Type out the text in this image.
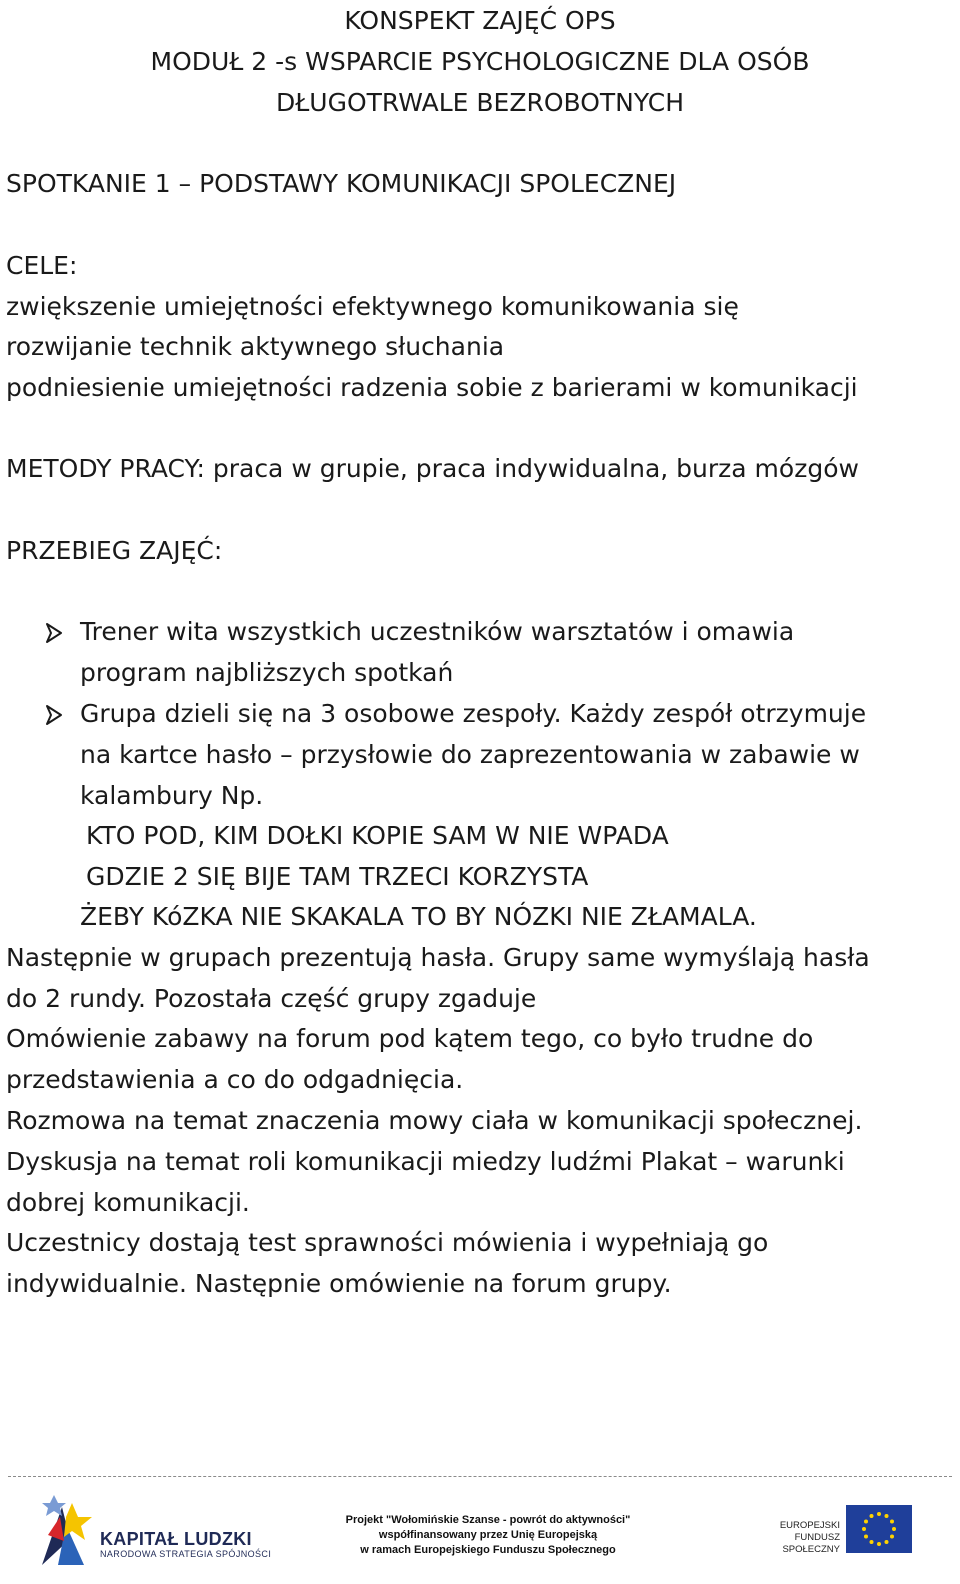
KONSPEKT ZAJĘĆ OPS
MODUŁ 2 -s WSPARCIE PSYCHOLOGICZNE DLA OSÓB
DŁUGOTRWALE BEZROBOTNYCH
SPOTKANIE 1 – PODSTAWY KOMUNIKACJI SPOLECZNEJ
CELE:
zwiększenie umiejętności efektywnego komunikowania się
rozwijanie technik aktywnego słuchania
podniesienie umiejętności radzenia sobie z barierami w komunikacji
METODY PRACY: praca w grupie, praca indywidualna, burza mózgów
PRZEBIEG ZAJĘĆ:
Trener wita wszystkich uczestników warsztatów i omawia
program najbliższych spotkań
Grupa dzieli się na 3 osobowe zespoły. Każdy zespół otrzymuje
na kartce hasło – przysłowie do zaprezentowania w zabawie w
kalambury Np.
KTO POD, KIM DOŁKI KOPIE SAM W NIE WPADA
GDZIE 2 SIĘ BIJE TAM TRZECI KORZYSTA
ŻEBY KóZKA NIE SKAKALA TO BY NÓZKI NIE ZŁAMALA.
Następnie w grupach prezentują hasła. Grupy same wymyślają hasła
do 2 rundy. Pozostała część grupy zgaduje
Omówienie zabawy na forum pod kątem tego, co było trudne do
przedstawienia a co do odgadnięcia.
Rozmowa na temat znaczenia mowy ciała w komunikacji społecznej.
Dyskusja na temat roli komunikacji miedzy ludźmi Plakat – warunki
dobrej komunikacji.
Uczestnicy dostają test sprawności mówienia i wypełniają go
indywidualnie. Następnie omówienie na forum grupy.
KAPITAŁ LUDZKI
NARODOWA STRATEGIA SPÓJNOŚCI
Projekt "Wołomińskie Szanse - powrót do aktywności"
współfinansowany przez Unię Europejską
w ramach Europejskiego Funduszu Społecznego
EUROPEJSKI
FUNDUSZ SPOŁECZNY
